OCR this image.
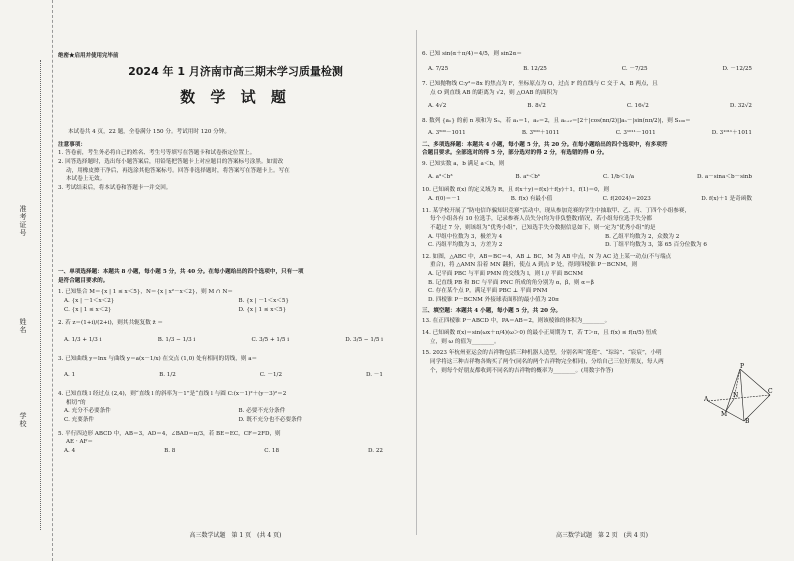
准考证号
姓名
学校
绝密★启用并使用完毕前
2024 年 1 月济南市高三期末学习质量检测
数 学 试 题
本试卷共 4 页，22 题，全卷满分 150 分。考试用时 120 分钟。
注意事项：
1. 答卷前，考生务必将自己的姓名、考生号等填写在答题卡和试卷指定位置上。
2. 回答选择题时，选出每小题答案后，用铅笔把答题卡上对应题目的答案标号涂黑。如需改
动，用橡皮擦干净后，再选涂其他答案标号。回答非选择题时，将答案写在答题卡上。写在
本试卷上无效。
3. 考试结束后，将本试卷和答题卡一并交回。
一、单项选择题：本题共 8 小题，每小题 5 分，共 40 分。在每小题给出的四个选项中，只有一项
是符合题目要求的。
1. 已知集合 M＝{x | 1 ≤ x＜5}，N＝{x | x²－x＜2}，则 M ∩ N＝
A. {x | －1＜x＜2}	B. {x | －1＜x＜5}
C. {x | 1 ≤ x＜2}	D. {x | 1 ≤ x＜5}
2. 若 z＝(1+i)/(2+i)，则其共轭复数 z̄ ＝
A. 1/3 + 1/3 i	B. 1/3 − 1/3 i	C. 3/5 + 1/5 i	D. 3/5 − 1/5 i
3. 已知曲线 y＝lnx 与曲线 y＝a(x－1/x) 在交点 (1,0) 处有相同的切线，则 a＝
A. 1	B. 1/2	C. －1/2	D. －1
4. 已知直线 l 经过点 (2,4)，则“直线 l 的斜率为－1”是“直线 l 与圆 C:(x－1)²＋(y－3)²＝2
相切”的
A. 充分不必要条件	B. 必要不充分条件
C. 充要条件	D. 既不充分也不必要条件
5. 平行四边形 ABCD 中，AB＝3，AD＝4，∠BAD＝π/3，若 BE＝EC，CF＝2FD，则
AE · AF＝
A. 4	B. 8	C. 18	D. 22
高三数学试题　第 1 页　(共 4 页)
6. 已知 sin(α＋π/4)＝4/5，则 sin2α＝
A. 7/25	B. 12/25	C. －7/25	D. －12/25
7. 已知抛物线 C:y²＝8x 的焦点为 F，坐标原点为 O，过点 F 的直线与 C 交于 A，B 两点，且
点 O 到直线 AB 的距离为 √2，则 △OAB 的面积为
A. 4√2	B. 8√2	C. 16√2	D. 32√2
8. 数列 {aₙ} 的前 n 项和为 Sₙ，若 a₁＝1，a₂＝2，且 aₙ₊₂＝[2＋|cos(nπ/2)|]aₙ－|sin(nπ/2)|，则 S₁₀₀＝
A. 3⁵⁰⁰－1011	B. 3⁵⁰⁰＋1011	C. 3¹⁰¹¹－1011	D. 3¹⁰¹¹＋1011
二、多项选择题：本题共 4 小题，每小题 5 分，共 20 分。在每小题给出的四个选项中，有多项符
合题目要求。全部选对的得 5 分，部分选对的得 2 分，有选错的得 0 分。
9. 已知实数 a，b 满足 a＜b，则
A. a³＜b³	B. aᵃ＜bᵇ	C. 1/b＜1/a	D. a－sina＜b－sinb
10. 已知函数 f(x) 的定义域为 R，且 f(x＋y)＝f(x)＋f(y)＋1，f(1)＝0，则
A. f(0)＝－1	B. f(x) 有最小值	C. f(2024)＝2023	D. f(x)＋1 是奇函数
11. 某学校开展了“防电信诈骗知识竞赛”活动中，现从参加竞赛的学生中抽取甲、乙、丙、丁四个小组参赛，
每个小组各有 10 位选手，记录参赛人员失分(均为非负整数)情况，若小组每位选手失分都
不超过 7 分，则该组为“优秀小组”，已知选手失分数据信息如下，则一定为“优秀小组”的是
A. 甲组中位数为 3，极差为 4	B. 乙组平均数为 2，众数为 2
C. 丙组平均数为 3，方差为 2	D. 丁组平均数为 3，第 65 百分位数为 6
12. 如图，△ABC 中，AB＝BC＝4，AB ⊥ BC，M 为 AB 中点，N 为 AC 边上某一动点(不与端点
重合)，将 △AMN 沿着 MN 翻折，使点 A 到点 P 处，得到四棱锥 P－BCNM，则
A. 记平面 PBC 与平面 PMN 的交线为 l，则 l // 平面 BCNM
B. 记直线 PB 和 BC 与平面 PNC 所成的角分别为 α，β，则 α＝β
C. 存在某个点 P，满足平面 PBC ⊥ 平面 PNM
D. 四棱锥 P－BCNM 外接球表面积的最小值为 20π
三、填空题：本题共 4 小题，每小题 5 分，共 20 分。
13. 在正四棱锥 P－ABCD 中，PA＝AB＝2，则该棱锥的体积为________。
14. 已知函数 f(x)＝sin(ωx＋π/4)(ω＞0) 的最小正周期为 T，若 T＞π，且 f(x) ≤ f(π/5) 恒成
立，则 ω 的值为________。
15. 2023 年杭州亚运会的吉祥物包括三种机器人造型，分别名叫“莲莲”、“琮琮”、“宸宸”，小明
同学将这三种吉祥物各购买了两个(同名的两个吉祥物完全相同)，分给自己三位好朋友，每人两
个，则每个好朋友都收到不同名的吉祥物的概率为________。(用数字作答)
P
A
B
C
M
N
高三数学试题　第 2 页　(共 4 页)
